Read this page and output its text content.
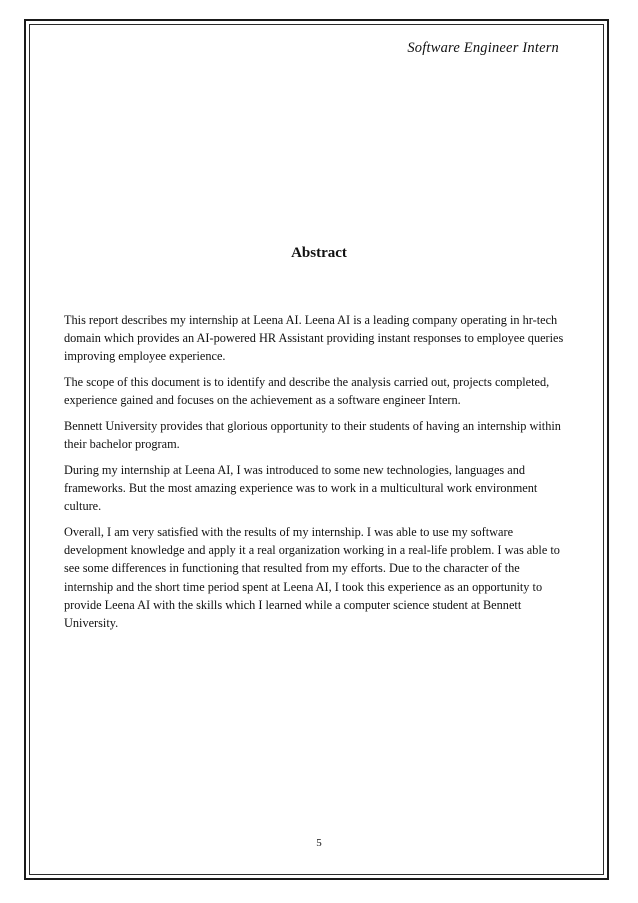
Software Engineer Intern
Abstract

This report describes my internship at Leena AI. Leena AI is a leading company operating in hr-tech domain which provides an AI-powered HR Assistant providing instant responses to employee queries improving employee experience.

The scope of this document is to identify and describe the analysis carried out, projects completed, experience gained and focuses on the achievement as a software engineer Intern.

Bennett University provides that glorious opportunity to their students of having an internship within their bachelor program.

During my internship at Leena AI, I was introduced to some new technologies, languages and frameworks. But the most amazing experience was to work in a multicultural work environment culture.

Overall, I am very satisfied with the results of my internship. I was able to use my software development knowledge and apply it a real organization working in a real-life problem. I was able to see some differences in functioning that resulted from my efforts. Due to the character of the internship and the short time period spent at Leena AI, I took this experience as an opportunity to provide Leena AI with the skills which I learned while a computer science student at Bennett University.

5
